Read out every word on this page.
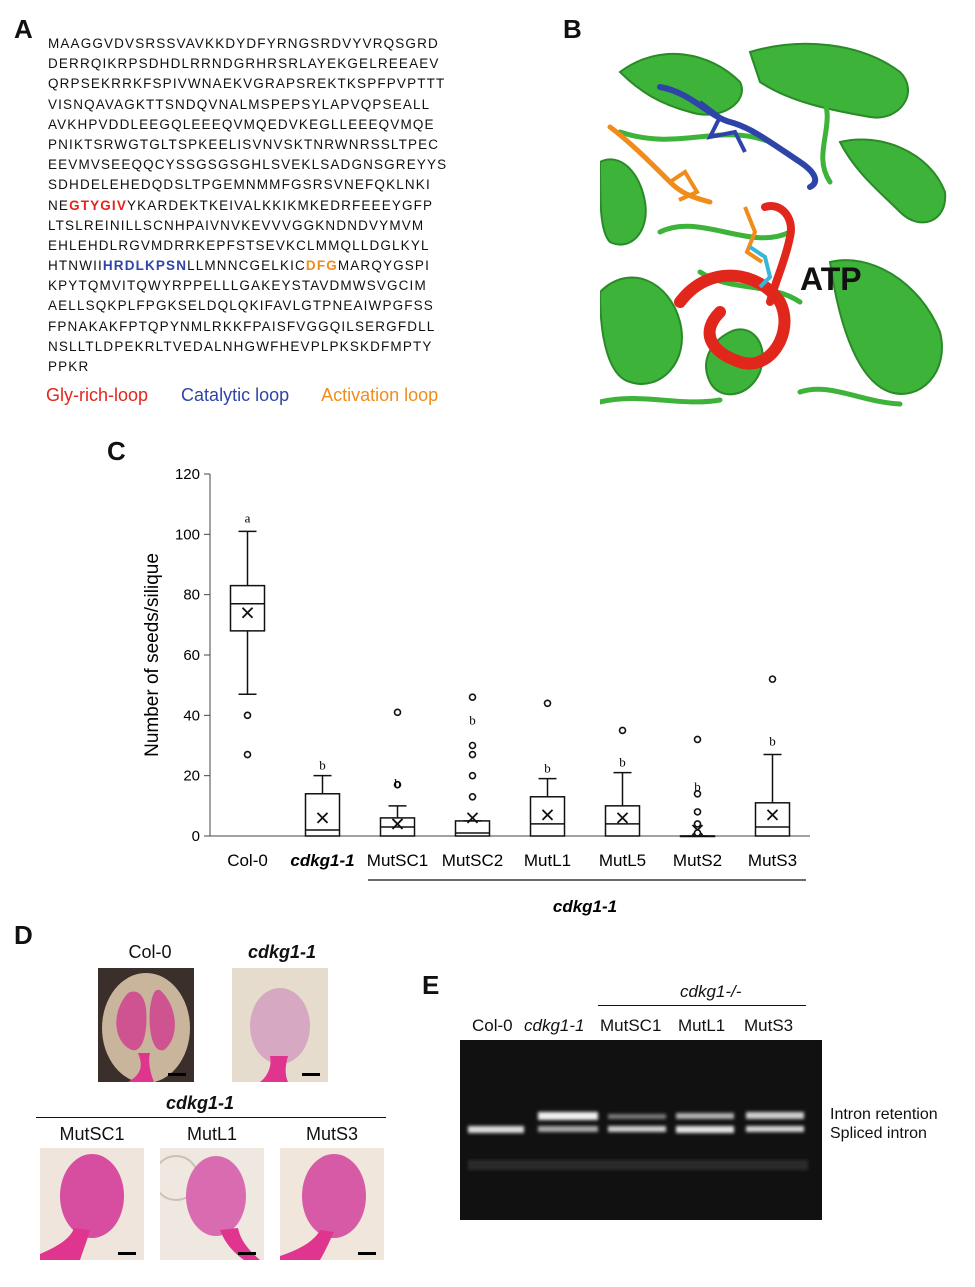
A	B
C
D
E
MAAGGVDVSRSSVAVKKDYDFYRNGSRDVYVRQSGRD
DERRQIKRPSDHDLRRNDGRHRSRLAYEKGELREEAEV
QRPSEKRRKFSPIVWNAEKVGRAPSREKTKSPFPVPTTT
VISNQAVAGKTTSNDQVNALMSPEPSYLAPVQPSEALL
AVKHPVDDLEEGQLEEEQVMQEDVKEGLLEEEQVMQE
PNIKTSRWGTGLTSPKEELISVNVSKTNRWNRSSLTPEC
EEVMVSEEQQCYSSGSGSGHLSVEKLSADGNSGREYYS
SDHDELEHEDQDSLTPGEMNMMFGSRSVNEFQKLNKI
NEGTYGIVYKARDEKTKEIVALKKIKMKEDRFEEEYGFP
LTSLREINILLSCNHPAIVNVKEVVVGGKNDNDVYMVM
EHLEHDLRGVMDRRKEPFSTSEVKCLMMQLLDGLKYL
HTNWIIHRDLKPSNLLMNNCGELKICDFGMARQYGSPI
KPYTQMVITQWYRPPELLLGAKEYSTAVDMWSVGCIM
AELLSQKPLFPGKSELDQLQKIFAVLGTPNEAIWPGFSS
FPNAKAKFPTQPYNMLRKKFPAISFVGGQILSERGFDLL
NSLLTLDPEKRLTVEDALNHGWFHEVPLPKSKDFMPTY
PPKR
Gly-rich-loop Catalytic loop Activation loop
ATP
0
20
40
60
80
100
120
Number of seeds/silique
a
Col-0
b
cdkg1-1
b
MutSC1
b
MutSC2
b
MutL1
b
MutL5
b
MutS2
b
MutS3
cdkg1-1
Col-0	cdkg1-1
cdkg1-1
MutSC1	MutL1	MutS3
cdkg1-/-
Col-0 cdkg1-1 MutSC1 MutL1 MutS3
←
←
Intron retention
Spliced intron
